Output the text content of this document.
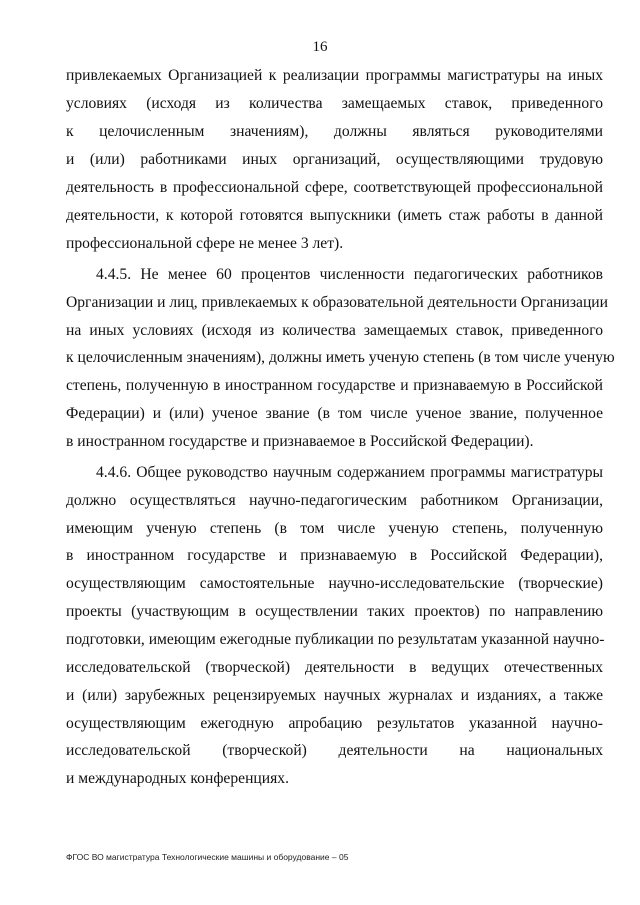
16
привлекаемых Организацией к реализации программы магистратуры на иных
условиях (исходя из количества замещаемых ставок, приведенного
к целочисленным значениям), должны являться руководителями
и (или) работниками иных организаций, осуществляющими трудовую
деятельность в профессиональной сфере, соответствующей профессиональной
деятельности, к которой готовятся выпускники (иметь стаж работы в данной
профессиональной сфере не менее 3 лет).
4.4.5. Не менее 60 процентов численности педагогических работников
Организации и лиц, привлекаемых к образовательной деятельности Организации
на иных условиях (исходя из количества замещаемых ставок, приведенного
к целочисленным значениям), должны иметь ученую степень (в том числе ученую
степень, полученную в иностранном государстве и признаваемую в Российской
Федерации) и (или) ученое звание (в том числе ученое звание, полученное
в иностранном государстве и признаваемое в Российской Федерации).
4.4.6. Общее руководство научным содержанием программы магистратуры
должно осуществляться научно-педагогическим работником Организации,
имеющим ученую степень (в том числе ученую степень, полученную
в иностранном государстве и признаваемую в Российской Федерации),
осуществляющим самостоятельные научно-исследовательские (творческие)
проекты (участвующим в осуществлении таких проектов) по направлению
подготовки, имеющим ежегодные публикации по результатам указанной научно-
исследовательской (творческой) деятельности в ведущих отечественных
и (или) зарубежных рецензируемых научных журналах и изданиях, а также
осуществляющим ежегодную апробацию результатов указанной научно-
исследовательской (творческой) деятельности на национальных
и международных конференциях.
ФГОС ВО магистратура Технологические машины и оборудование – 05
